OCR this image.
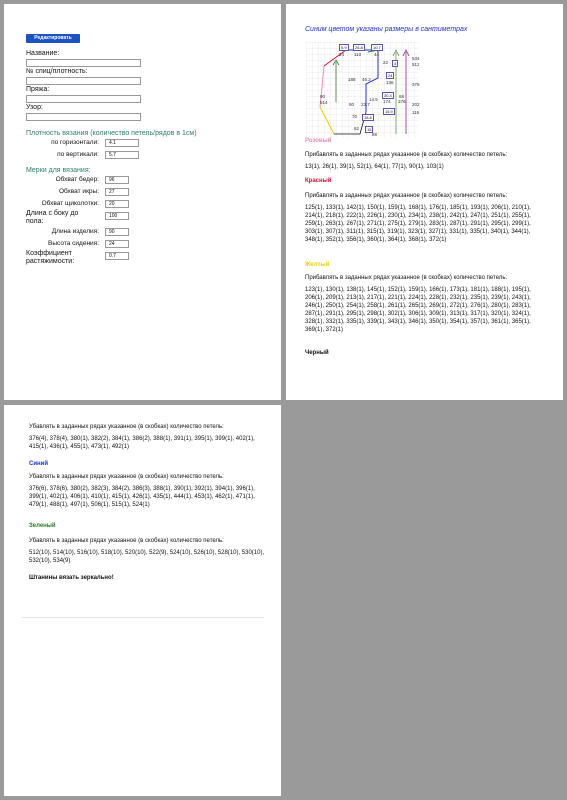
Редактировать
Название:
№ спиц/плотность:
Пряжа:
Узор:
Плотность вязания (количество петель/рядов в 1см)
по горизонтали:	4.1
по вертикали:	5.7
Мерки для вязания:
Обхват бедер:	96
Обхват икры:	27
Обхват щиколотки:	20
Длина с боку до
пола:
100
Длина изделия:	90
Высота сидения:	24
Коэффициент
растяжимости:
0.7
Синим цветом указаны размеры в сантиметрах
5.9	26.8	10.7
24 110	44
22	4
534
512
188 45.2
24
136	376
90
514
68
202
80 23.7
30.4
174
14.5	376
15.9	116
70	18.6
62	15
88
Розовый
Прибавлять в заданных рядах указанное (в скобках) количество петель:
13(1), 26(1), 39(1), 52(1), 64(1), 77(1), 90(1), 103(1)
Красный
Прибавлять в заданных рядах указанное (в скобках) количество петель:
125(1), 133(1), 142(1), 150(1), 159(1), 168(1), 176(1), 185(1), 193(1), 206(1), 210(1), 214(1), 218(1), 222(1), 226(1), 230(1), 234(1), 238(1), 242(1), 247(1), 251(1), 255(1), 259(1), 263(1), 267(1), 271(1), 275(1), 279(1), 283(1), 287(1), 291(1), 295(1), 299(1), 303(1), 307(1), 311(1), 315(1), 319(1), 323(1), 327(1), 331(1), 335(1), 340(1), 344(1), 348(1), 352(1), 356(1), 360(1), 364(1), 368(1), 372(1)
Желтый
Прибавлять в заданных рядах указанное (в скобках) количество петель:
123(1), 130(1), 138(1), 145(1), 152(1), 159(1), 166(1), 173(1), 181(1), 188(1), 195(1), 206(1), 209(1), 213(1), 217(1), 221(1), 224(1), 228(1), 232(1), 235(1), 239(1), 243(1), 246(1), 250(1), 254(1), 258(1), 261(1), 265(1), 269(1), 272(1), 276(1), 280(1), 283(1), 287(1), 291(1), 295(1), 298(1), 302(1), 306(1), 309(1), 313(1), 317(1), 320(1), 324(1), 328(1), 332(1), 335(1), 339(1), 343(1), 346(1), 350(1), 354(1), 357(1), 361(1), 365(1), 369(1), 372(1)
Черный
Убавлять в заданных рядах указанное (в скобках) количество петель:
376(4), 378(4), 380(1), 382(2), 384(1), 386(2), 388(1), 391(1), 395(1), 399(1), 402(1), 415(1), 436(1), 455(1), 473(1), 492(1)
Синий
Убавлять в заданных рядах указанное (в скобках) количество петель:
376(6), 378(6), 380(2), 382(3), 384(2), 386(3), 388(1), 390(1), 392(1), 394(1), 396(1), 399(1), 402(1), 406(1), 410(1), 415(1), 426(1), 435(1), 444(1), 453(1), 462(1), 471(1), 479(1), 488(1), 497(1), 506(1), 515(1), 524(1)
Зеленый
Убавлять в заданных рядах указанное (в скобках) количество петель:
512(10), 514(10), 516(10), 518(10), 520(10), 522(9), 524(10), 526(10), 528(10), 530(10), 532(10), 534(9)
Штанины вязать зеркально!
